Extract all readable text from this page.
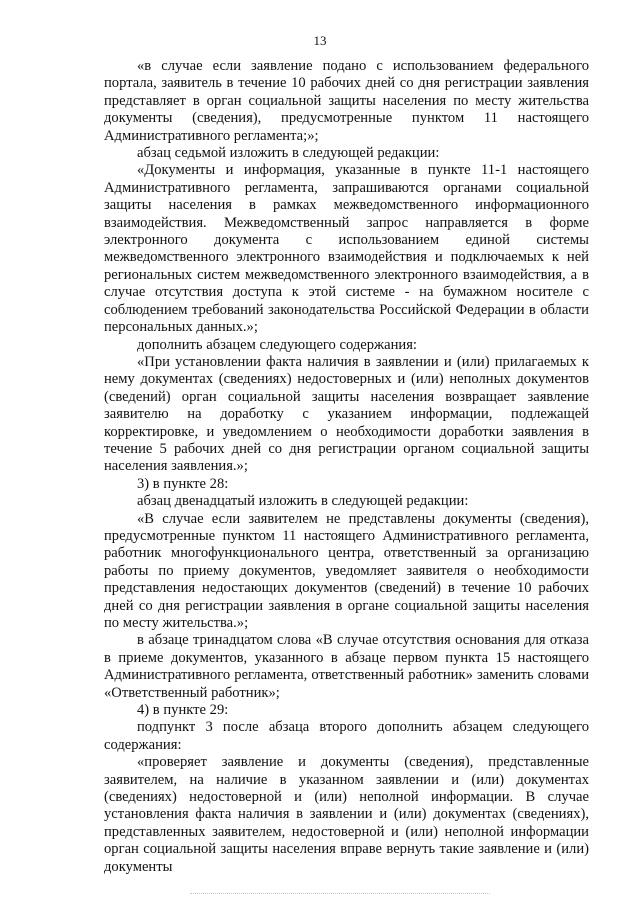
13

«в случае если заявление подано с использованием федерального портала, заявитель в течение 10 рабочих дней со дня регистрации заявления представляет в орган социальной защиты населения по месту жительства документы (сведения), предусмотренные пунктом 11 настоящего Административного регламента;»;

абзац седьмой изложить в следующей редакции:

«Документы и информация, указанные в пункте 11-1 настоящего Административного регламента, запрашиваются органами социальной защиты населения в рамках межведомственного информационного взаимодействия. Межведомственный запрос направляется в форме электронного документа с использованием единой системы межведомственного электронного взаимодействия и подключаемых к ней региональных систем межведомственного электронного взаимодействия, а в случае отсутствия доступа к этой системе - на бумажном носителе с соблюдением требований законодательства Российской Федерации в области персональных данных.»;

дополнить абзацем следующего содержания:

«При установлении факта наличия в заявлении и (или) прилагаемых к нему документах (сведениях) недостоверных и (или) неполных документов (сведений) орган социальной защиты населения возвращает заявление заявителю на доработку с указанием информации, подлежащей корректировке, и уведомлением о необходимости доработки заявления в течение 5 рабочих дней со дня регистрации органом социальной защиты населения заявления.»;

3) в пункте 28:

абзац двенадцатый изложить в следующей редакции:

«В случае если заявителем не представлены документы (сведения), предусмотренные пунктом 11 настоящего Административного регламента, работник многофункционального центра, ответственный за организацию работы по приему документов, уведомляет заявителя о необходимости представления недостающих документов (сведений) в течение 10 рабочих дней со дня регистрации заявления в органе социальной защиты населения по месту жительства.»;

в абзаце тринадцатом слова «В случае отсутствия основания для отказа в приеме документов, указанного в абзаце первом пункта 15 настоящего Административного регламента, ответственный работник» заменить словами «Ответственный работник»;

4) в пункте 29:

подпункт 3 после абзаца второго дополнить абзацем следующего содержания:

«проверяет заявление и документы (сведения), представленные заявителем, на наличие в указанном заявлении и (или) документах (сведениях) недостоверной и (или) неполной информации. В случае установления факта наличия в заявлении и (или) документах (сведениях), представленных заявителем, недостоверной и (или) неполной информации орган социальной защиты населения вправе вернуть такие заявление и (или) документы
